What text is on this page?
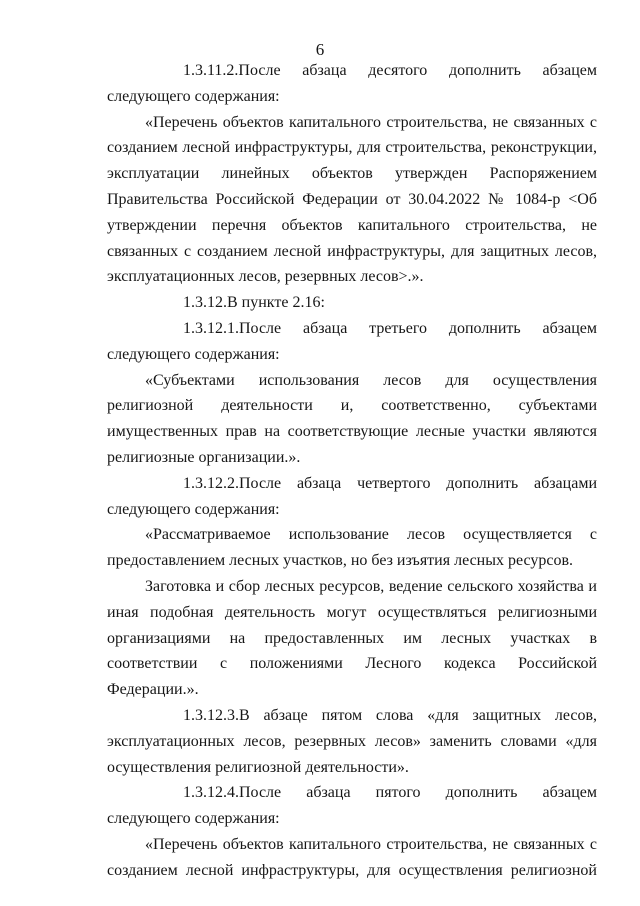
6

1.3.11.2.После абзаца десятого дополнить абзацем следующего содержания:

«Перечень объектов капитального строительства, не связанных с созданием лесной инфраструктуры, для строительства, реконструкции, эксплуатации линейных объектов утвержден Распоряжением Правительства Российской Федерации от 30.04.2022 № 1084-р <Об утверждении перечня объектов капитального строительства, не связанных с созданием лесной инфраструктуры, для защитных лесов, эксплуатационных лесов, резервных лесов>.».

1.3.12.В пункте 2.16:

1.3.12.1.После абзаца третьего дополнить абзацем следующего содержания:

«Субъектами использования лесов для осуществления религиозной деятельности и, соответственно, субъектами имущественных прав на соответствующие лесные участки являются религиозные организации.».

1.3.12.2.После абзаца четвертого дополнить абзацами следующего содержания:

«Рассматриваемое использование лесов осуществляется с предоставлением лесных участков, но без изъятия лесных ресурсов.

Заготовка и сбор лесных ресурсов, ведение сельского хозяйства и иная подобная деятельность могут осуществляться религиозными организациями на предоставленных им лесных участках в соответствии с положениями Лесного кодекса Российской Федерации.».

1.3.12.3.В абзаце пятом слова «для защитных лесов, эксплуатационных лесов, резервных лесов» заменить словами «для осуществления религиозной деятельности».

1.3.12.4.После абзаца пятого дополнить абзацем следующего содержания:

«Перечень объектов капитального строительства, не связанных с созданием лесной инфраструктуры, для осуществления религиозной
